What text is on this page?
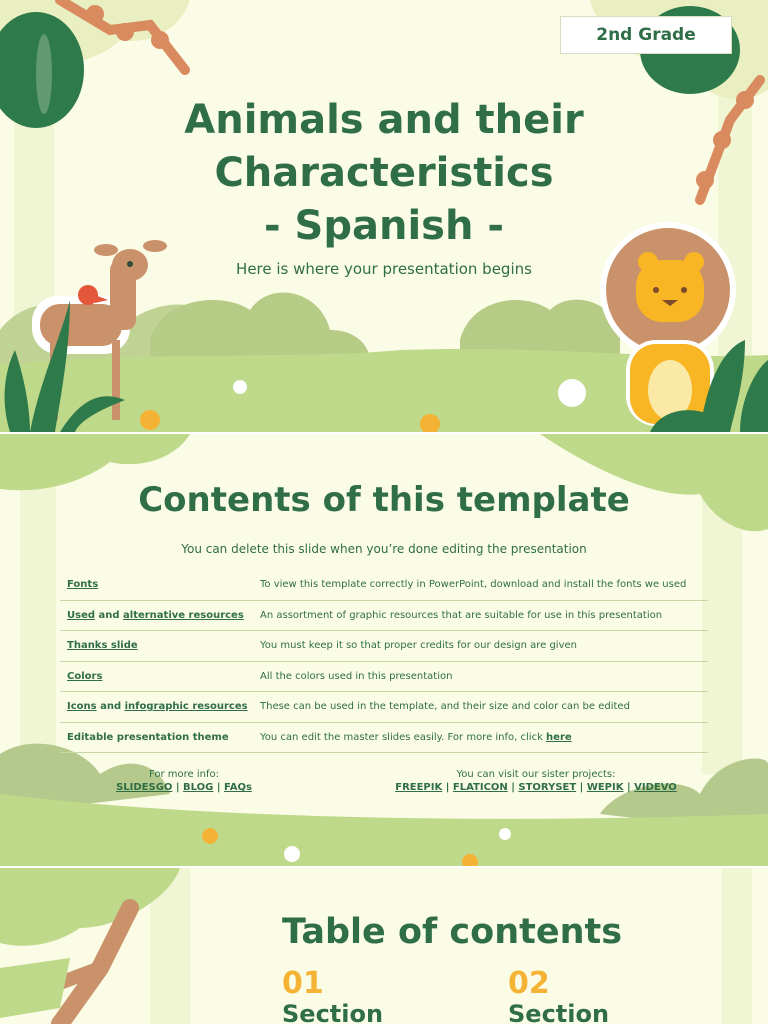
2nd Grade
Animals and their
Characteristics
- Spanish -
Here is where your presentation begins
Contents of this template
You can delete this slide when you’re done editing the presentation
Fonts	To view this template correctly in PowerPoint, download and install the fonts we used
Used and alternative resources	An assortment of graphic resources that are suitable for use in this presentation
Thanks slide	You must keep it so that proper credits for our design are given
Colors	All the colors used in this presentation
Icons and infographic resources	These can be used in the template, and their size and color can be edited
Editable presentation theme	You can edit the master slides easily. For more info, click here
For more info:
SLIDESGO | BLOG | FAQs
You can visit our sister projects:
FREEPIK | FLATICON | STORYSET | WEPIK | VIDEVO
Table of contents
01
Section
02
Section
